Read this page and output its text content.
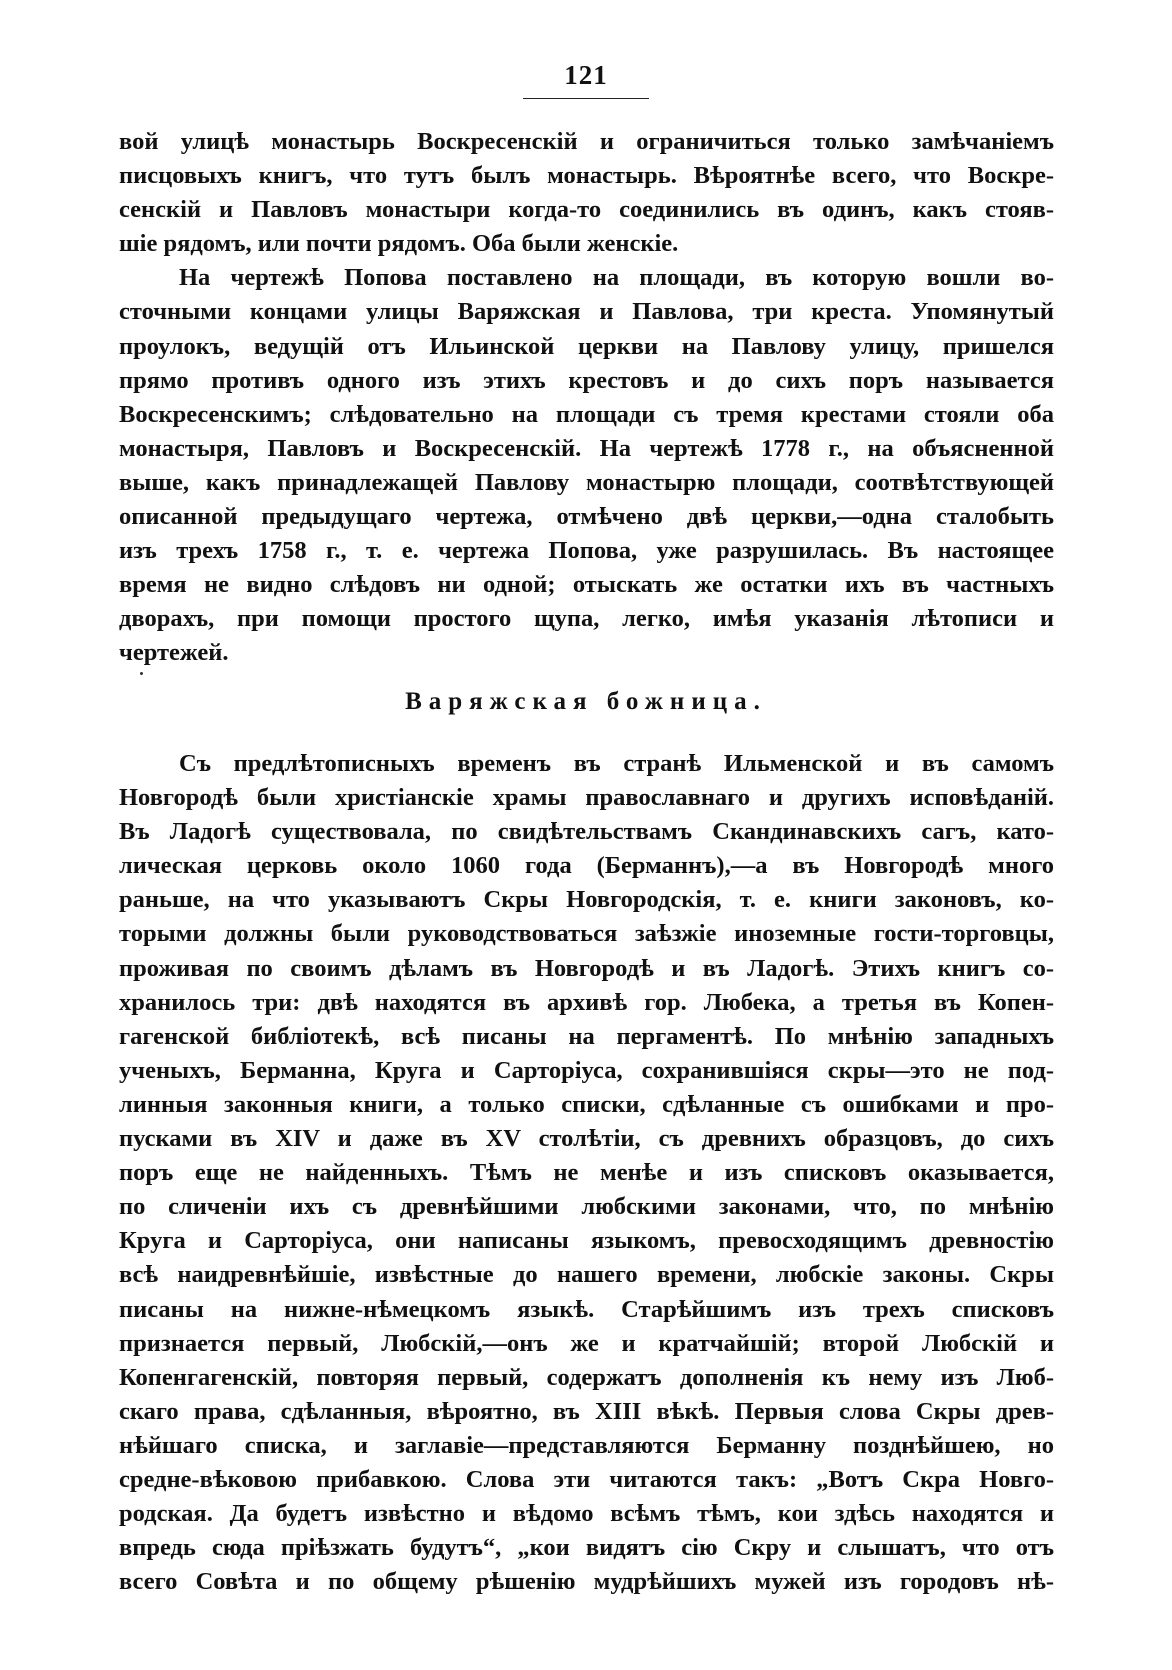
121
вой улицѣ монастырь Воскресенскій и ограничиться только замѣчаніемъ
писцовыхъ книгъ, что тутъ былъ монастырь. Вѣроятнѣе всего, что Воскре-
сенскій и Павловъ монастыри когда-то соединились въ одинъ, какъ стояв-
шіе рядомъ, или почти рядомъ. Оба были женскіе.
На чертежѣ Попова поставлено на площади, въ которую вошли во-
сточными концами улицы Варяжская и Павлова, три креста. Упомянутый
проулокъ, ведущій отъ Ильинской церкви на Павлову улицу, пришелся
прямо противъ одного изъ этихъ крестовъ и до сихъ поръ называется
Воскресенскимъ; слѣдовательно на площади съ тремя крестами стояли оба
монастыря, Павловъ и Воскресенскій. На чертежѣ 1778 г., на объясненной
выше, какъ принадлежащей Павлову монастырю площади, соотвѣтствующей
описанной предыдущаго чертежа, отмѣчено двѣ церкви,—одна сталобыть
изъ трехъ 1758 г., т. е. чертежа Попова, уже разрушилась. Въ настоящее
время не видно слѣдовъ ни одной; отыскать же остатки ихъ въ частныхъ
дворахъ, при помощи простого щупа, легко, имѣя указанія лѣтописи и
чертежей.
Варяжская божница.
Съ предлѣтописныхъ временъ въ странѣ Ильменской и въ самомъ
Новгородѣ были христіанскіе храмы православнаго и другихъ исповѣданій.
Въ Ладогѣ существовала, по свидѣтельствамъ Скандинавскихъ сагъ, като-
лическая церковь около 1060 года (Берманнъ),—а въ Новгородѣ много
раньше, на что указываютъ Скры Новгородскія, т. е. книги законовъ, ко-
торыми должны были руководствоваться заѣзжіе иноземные гости-торговцы,
проживая по своимъ дѣламъ въ Новгородѣ и въ Ладогѣ. Этихъ книгъ со-
хранилось три: двѣ находятся въ архивѣ гор. Любека, а третья въ Копен-
гагенской библіотекѣ, всѣ писаны на пергаментѣ. По мнѣнію западныхъ
ученыхъ, Берманна, Круга и Сарторіуса, сохранившіяся скры—это не под-
линныя законныя книги, а только списки, сдѣланные съ ошибками и про-
пусками въ XIV и даже въ XV столѣтіи, съ древнихъ образцовъ, до сихъ
поръ еще не найденныхъ. Тѣмъ не менѣе и изъ списковъ оказывается,
по сличеніи ихъ съ древнѣйшими любскими законами, что, по мнѣнію
Круга и Сарторіуса, они написаны языкомъ, превосходящимъ древностію
всѣ наидревнѣйшіе, извѣстные до нашего времени, любскіе законы. Скры
писаны на нижне-нѣмецкомъ языкѣ. Старѣйшимъ изъ трехъ списковъ
признается первый, Любскій,—онъ же и кратчайшій; второй Любскій и
Копенгагенскій, повторяя первый, содержатъ дополненія къ нему изъ Люб-
скаго права, сдѣланныя, вѣроятно, въ XIII вѣкѣ. Первыя слова Скры древ-
нѣйшаго списка, и заглавіе—представляются Берманну позднѣйшею, но
средне-вѣковою прибавкою. Слова эти читаются такъ: „Вотъ Скра Новго-
родская. Да будетъ извѣстно и вѣдомо всѣмъ тѣмъ, кои здѣсь находятся и
впредь сюда пріѣзжать будутъ“, „кои видятъ сію Скру и слышатъ, что отъ
всего Совѣта и по общему рѣшенію мудрѣйшихъ мужей изъ городовъ нѣ-
